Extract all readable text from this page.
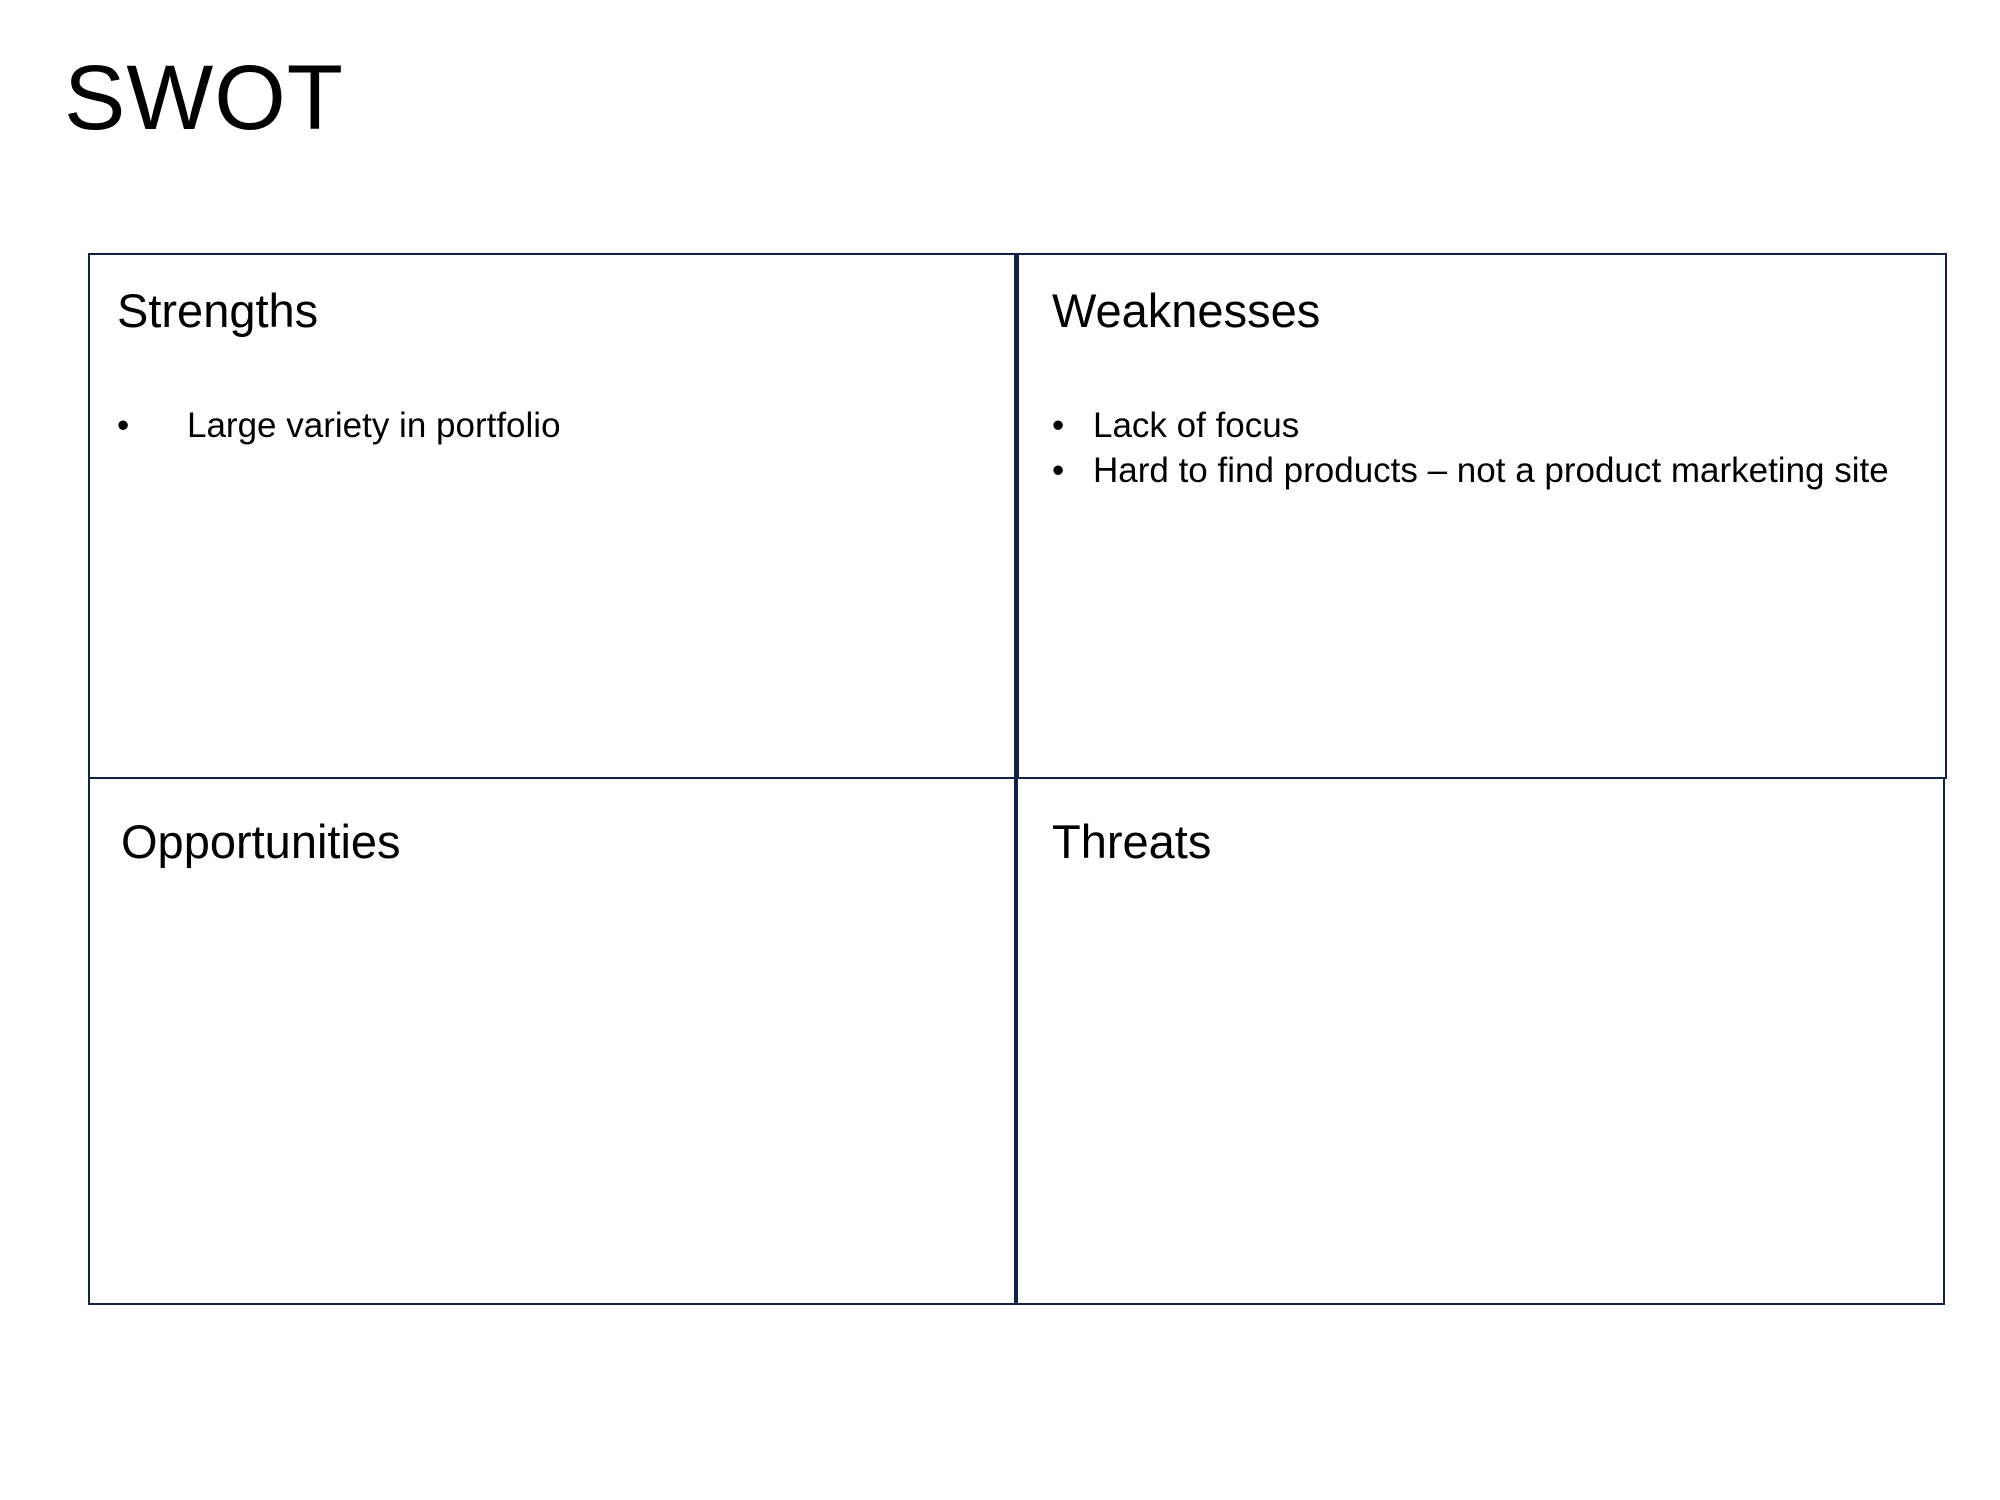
SWOT
Strengths
• Large variety in portfolio
Weaknesses
• Lack of focus
• Hard to find products – not a product marketing site
Opportunities	Threats
